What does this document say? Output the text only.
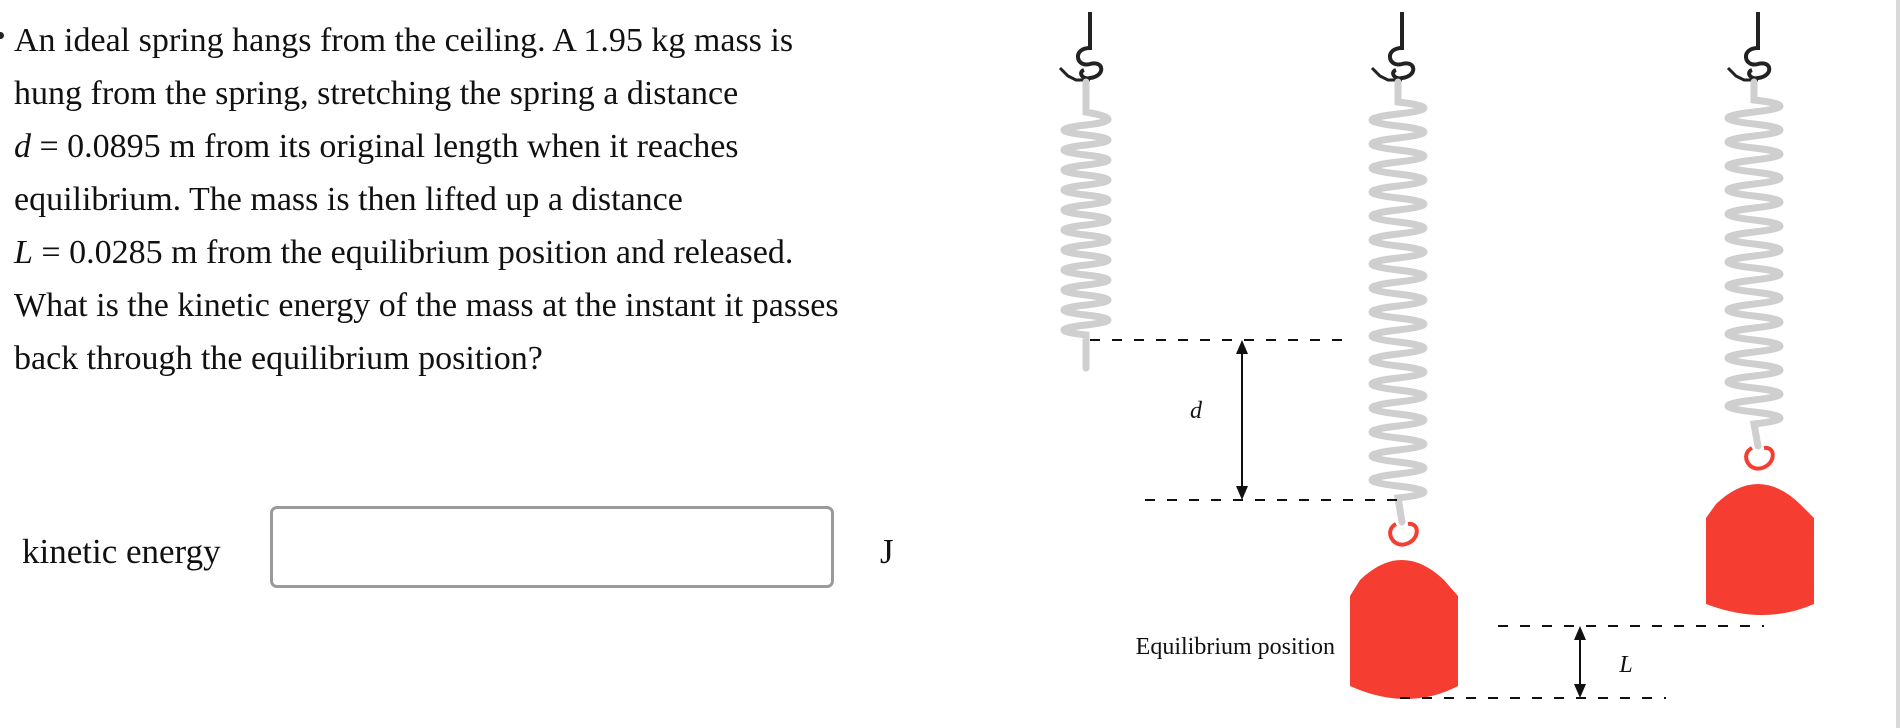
An ideal spring hangs from the ceiling. A 1.95 kg mass is

hung from the spring, stretching the spring a distance

d = 0.0895 m from its original length when it reaches

equilibrium. The mass is then lifted up a distance

L = 0.0285 m from the equilibrium position and released.

What is the kinetic energy of the mass at the instant it passes

back through the equilibrium position?

kinetic energy	J
d
L
Equilibrium position
